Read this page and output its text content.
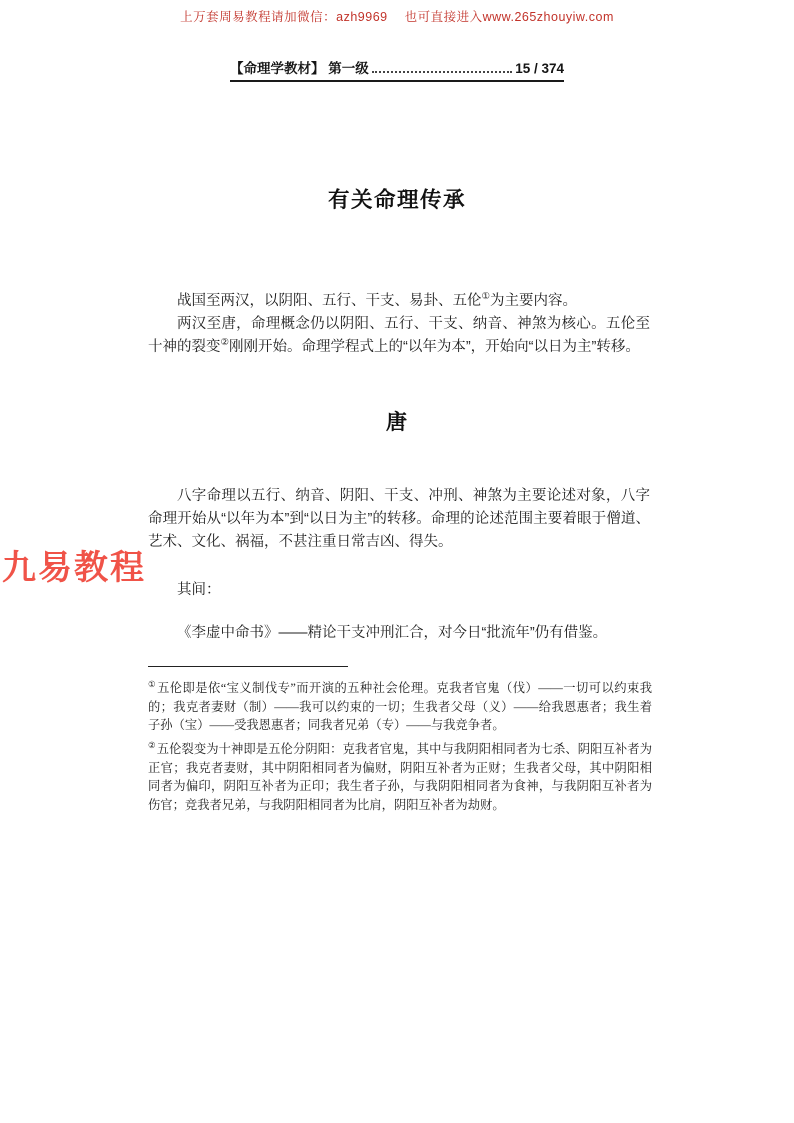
上万套周易教程请加微信：azh9969　 也可直接进入www.265zhouyiw.com
【命理学教材】 第一级	15 / 374
有关命理传承

战国至两汉，以阴阳、五行、干支、易卦、五伦①为主要内容。

两汉至唐，命理概念仍以阴阳、五行、干支、纳音、神煞为核心。五伦至十神的裂变②刚刚开始。命理学程式上的“以年为本”，开始向“以日为主”转移。

唐

八字命理以五行、纳音、阴阳、干支、冲刑、神煞为主要论述对象，八字命理开始从“以年为本”到“以日为主”的转移。命理的论述范围主要着眼于僧道、艺术、文化、祸福，不甚注重日常吉凶、得失。

其间：

《李虚中命书》——精论干支冲刑汇合，对今日“批流年”仍有借鉴。

①五伦即是依“宝义制伐专”而开演的五种社会伦理。克我者官鬼（伐）——一切可以约束我的；我克者妻财（制）——我可以约束的一切；生我者父母（义）——给我恩惠者；我生着子孙（宝）——受我恩惠者；同我者兄弟（专）——与我竞争者。
②五伦裂变为十神即是五伦分阴阳：克我者官鬼，其中与我阴阳相同者为七杀、阴阳互补者为正官；我克者妻财，其中阴阳相同者为偏财，阴阳互补者为正财；生我者父母，其中阴阳相同者为偏印，阴阳互补者为正印；我生者子孙，与我阴阳相同者为食神，与我阴阳互补者为伤官；竞我者兄弟，与我阴阳相同者为比肩，阴阳互补者为劫财。
九易教程
